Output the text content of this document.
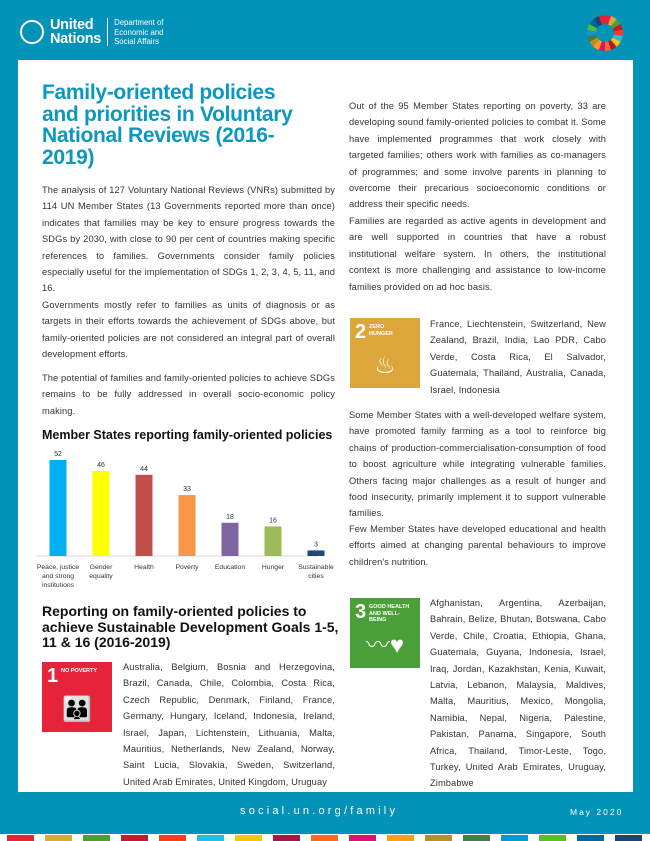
United
Nations
Department of
Economic and
Social Affairs
Family-oriented policies and priorities in Voluntary National Reviews (2016-2019)
The analysis of 127 Voluntary National Reviews (VNRs) submitted by 114 UN Member States (13 Governments reported more than once) indicates that families may be key to ensure progress towards the SDGs by 2030, with close to 90 per cent of countries making specific references to families. Governments consider family policies especially useful for the implementation of SDGs 1, 2, 3, 4, 5, 11, and 16.
Governments mostly refer to families as units of diagnosis or as targets in their efforts towards the achievement of SDGs above, but family-oriented policies are not considered an integral part of overall development efforts.
The potential of families and family-oriented policies to achieve SDGs remains to be fully addressed in overall socio-economic policy making.
Member States reporting family-oriented policies
52
Peace, justice
and strong
institutions
46
Gender
equality
44
Health
33
Poverty
18
Education
16
Hunger
3
Sustainable
cities
Reporting on family-oriented policies to achieve Sustainable Development Goals 1-5, 11 & 16 (2016-2019)
1 NO POVERTY
👪
Australia, Belgium, Bosnia and Herzegovina, Brazil, Canada, Chile, Colombia, Costa Rica, Czech Republic, Denmark, Finland, France, Germany, Hungary, Iceland, Indonesia, Ireland, Israel, Japan, Lichtenstein, Lithuania, Malta, Mauritius, Netherlands, New Zealand, Norway, Saint Lucia, Slovakia, Sweden, Switzerland, United Arab Emirates, United Kingdom, Uruguay
Out of the 95 Member States reporting on poverty, 33 are developing sound family-oriented policies to combat it. Some have implemented programmes that work closely with targeted families; others work with families as co-managers of programmes; and some involve parents in planning to overcome their precarious socioeconomic conditions or address their specific needs.
Families are regarded as active agents in development and are well supported in countries that have a robust institutional welfare system. In others, the institutional context is more challenging and assistance to low-income families provided on ad hoc basis.
2 ZERO HUNGER
♨
France, Liechtenstein, Switzerland, New Zealand, Brazil, India, Lao PDR, Cabo Verde, Costa Rica, El Salvador, Guatemala, Thailand, Australia, Canada, Israel, Indonesia
Some Member States with a well-developed welfare system, have promoted family farming as a tool to reinforce big chains of production-commercialisation-consumption of food to boost agriculture while integrating vulnerable families. Others facing major challenges as a result of hunger and food insecurity, primarily implement it to support vulnerable families.
Few Member States have developed educational and health efforts aimed at changing parental behaviours to improve children's nutrition.
3 GOOD HEALTH AND WELL-BEING
〰♥
Afghanistan, Argentina, Azerbaijan, Bahrain, Belize, Bhutan, Botswana, Cabo Verde, Chile, Croatia, Ethiopia, Ghana, Guatemala, Guyana, Indonesia, Israel, Iraq, Jordan, Kazakhstan, Kenia, Kuwait, Latvia, Lebanon, Malaysia, Maldives, Malta, Mauritius, Mexico, Mongolia, Namibia, Nepal, Nigeria, Palestine, Pakistan, Panama, Singapore, South Africa, Thailand, Timor-Leste, Togo, Turkey, United Arab Emirates, Uruguay, Zimbabwe
social.un.org/family	May 2020
